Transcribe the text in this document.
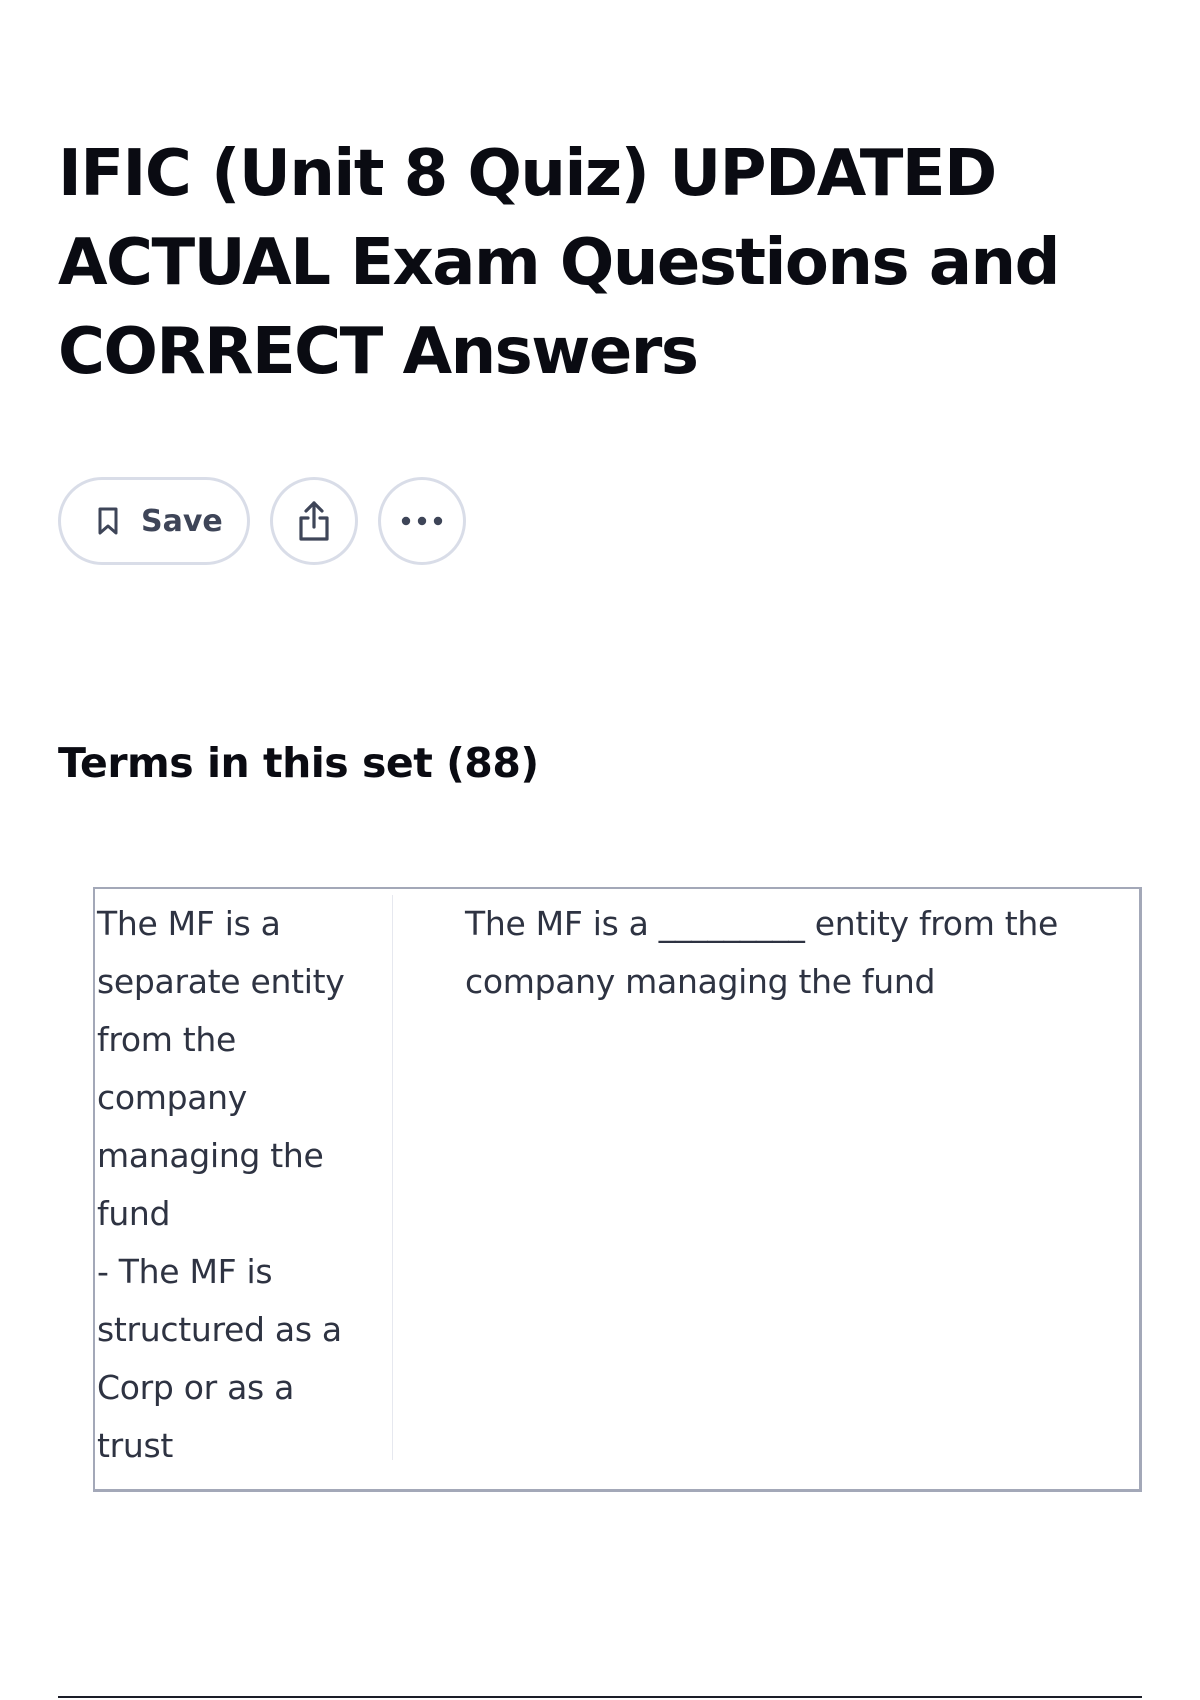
IFIC (Unit 8 Quiz) UPDATED ACTUAL Exam Questions and CORRECT Answers
Save
Terms in this set (88)
The MF is a
separate entity
from the
company
managing the
fund
- The MF is
structured as a
Corp or as a
trust
The MF is a _________ entity from the company managing the fund
